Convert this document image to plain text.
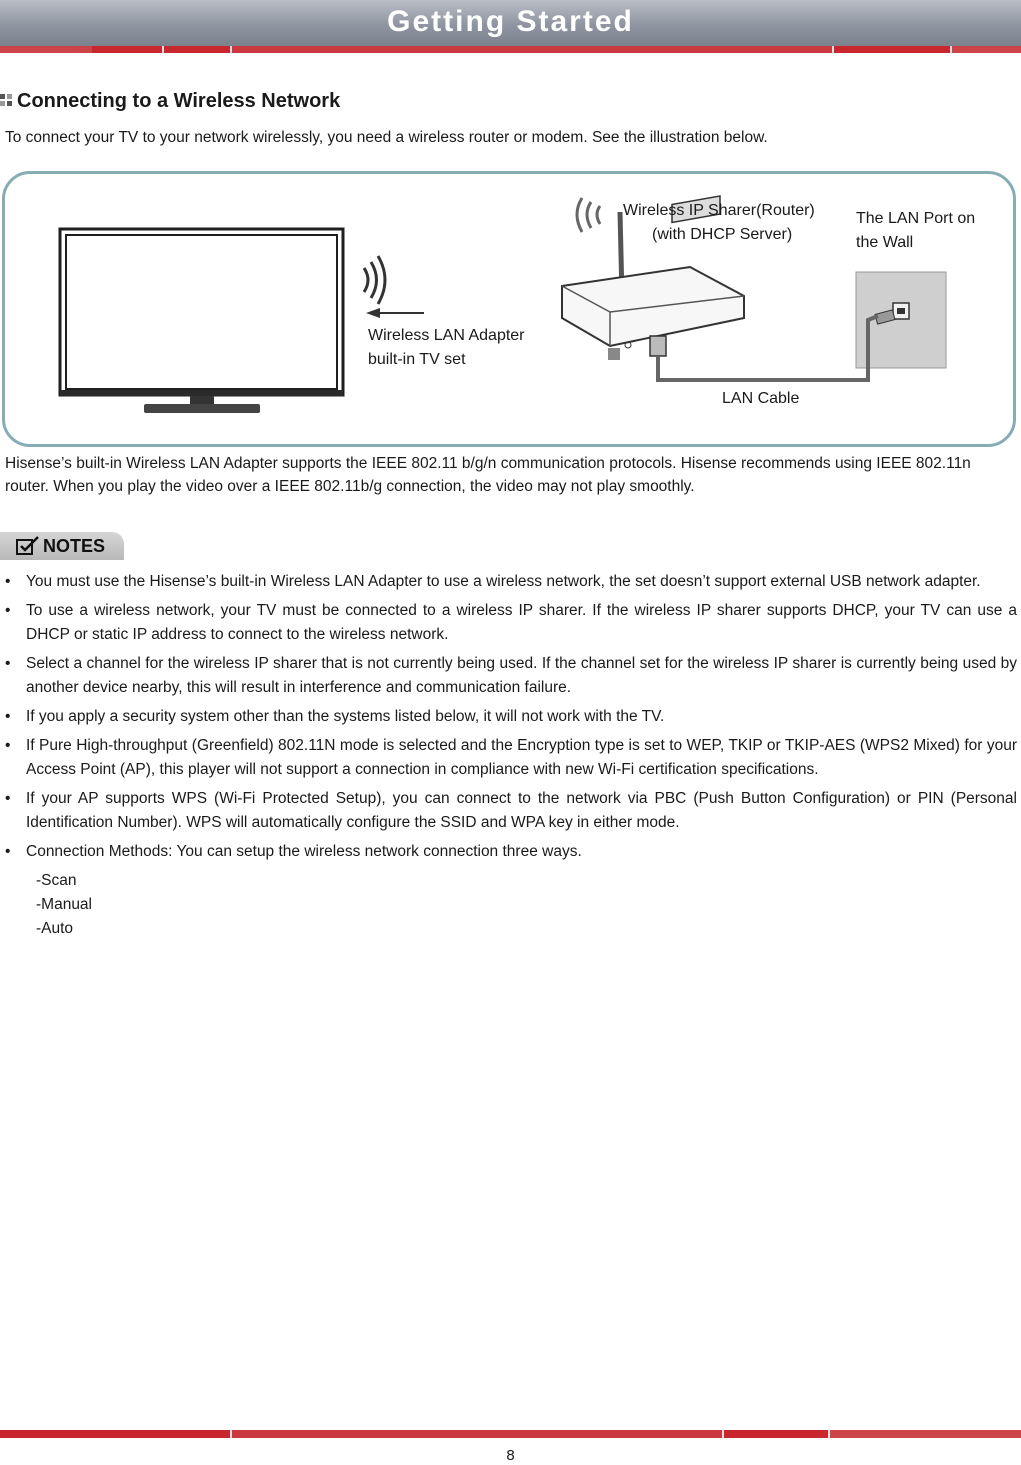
Getting Started
Connecting to a Wireless Network
To connect your TV to your network wirelessly, you need a wireless router or modem. See the illustration below.
Wireless IP Sharer(Router)
(with DHCP Server)
The LAN Port on
the Wall
Wireless LAN Adapter
built-in TV set
LAN Cable
Hisense’s built-in Wireless LAN Adapter supports the IEEE 802.11 b/g/n communication protocols. Hisense recommends using IEEE 802.11n router. When you play the video over a IEEE 802.11b/g connection, the video may not play smoothly.
NOTES
• You must use the Hisense’s built-in Wireless LAN Adapter to use a wireless network, the set doesn’t support external USB network adapter.
• To use a wireless network, your TV must be connected to a wireless IP sharer. If the wireless IP sharer supports DHCP, your TV can use a DHCP or static IP address to connect to the wireless network.
• Select a channel for the wireless IP sharer that is not currently being used. If the channel set for the wireless IP sharer is currently being used by another device nearby, this will result in interference and communication failure.
• If you apply a security system other than the systems listed below, it will not work with the TV.
• If Pure High-throughput (Greenfield) 802.11N mode is selected and the Encryption type is set to WEP, TKIP or TKIP-AES (WPS2 Mixed) for your Access Point (AP), this player will not support a connection in compliance with new Wi-Fi certification specifications.
• If your AP supports WPS (Wi-Fi Protected Setup), you can connect to the network via PBC (Push Button Configuration) or PIN (Personal Identification Number). WPS will automatically configure the SSID and WPA key in either mode.
• Connection Methods: You can setup the wireless network connection three ways.
-Scan
-Manual
-Auto
8
